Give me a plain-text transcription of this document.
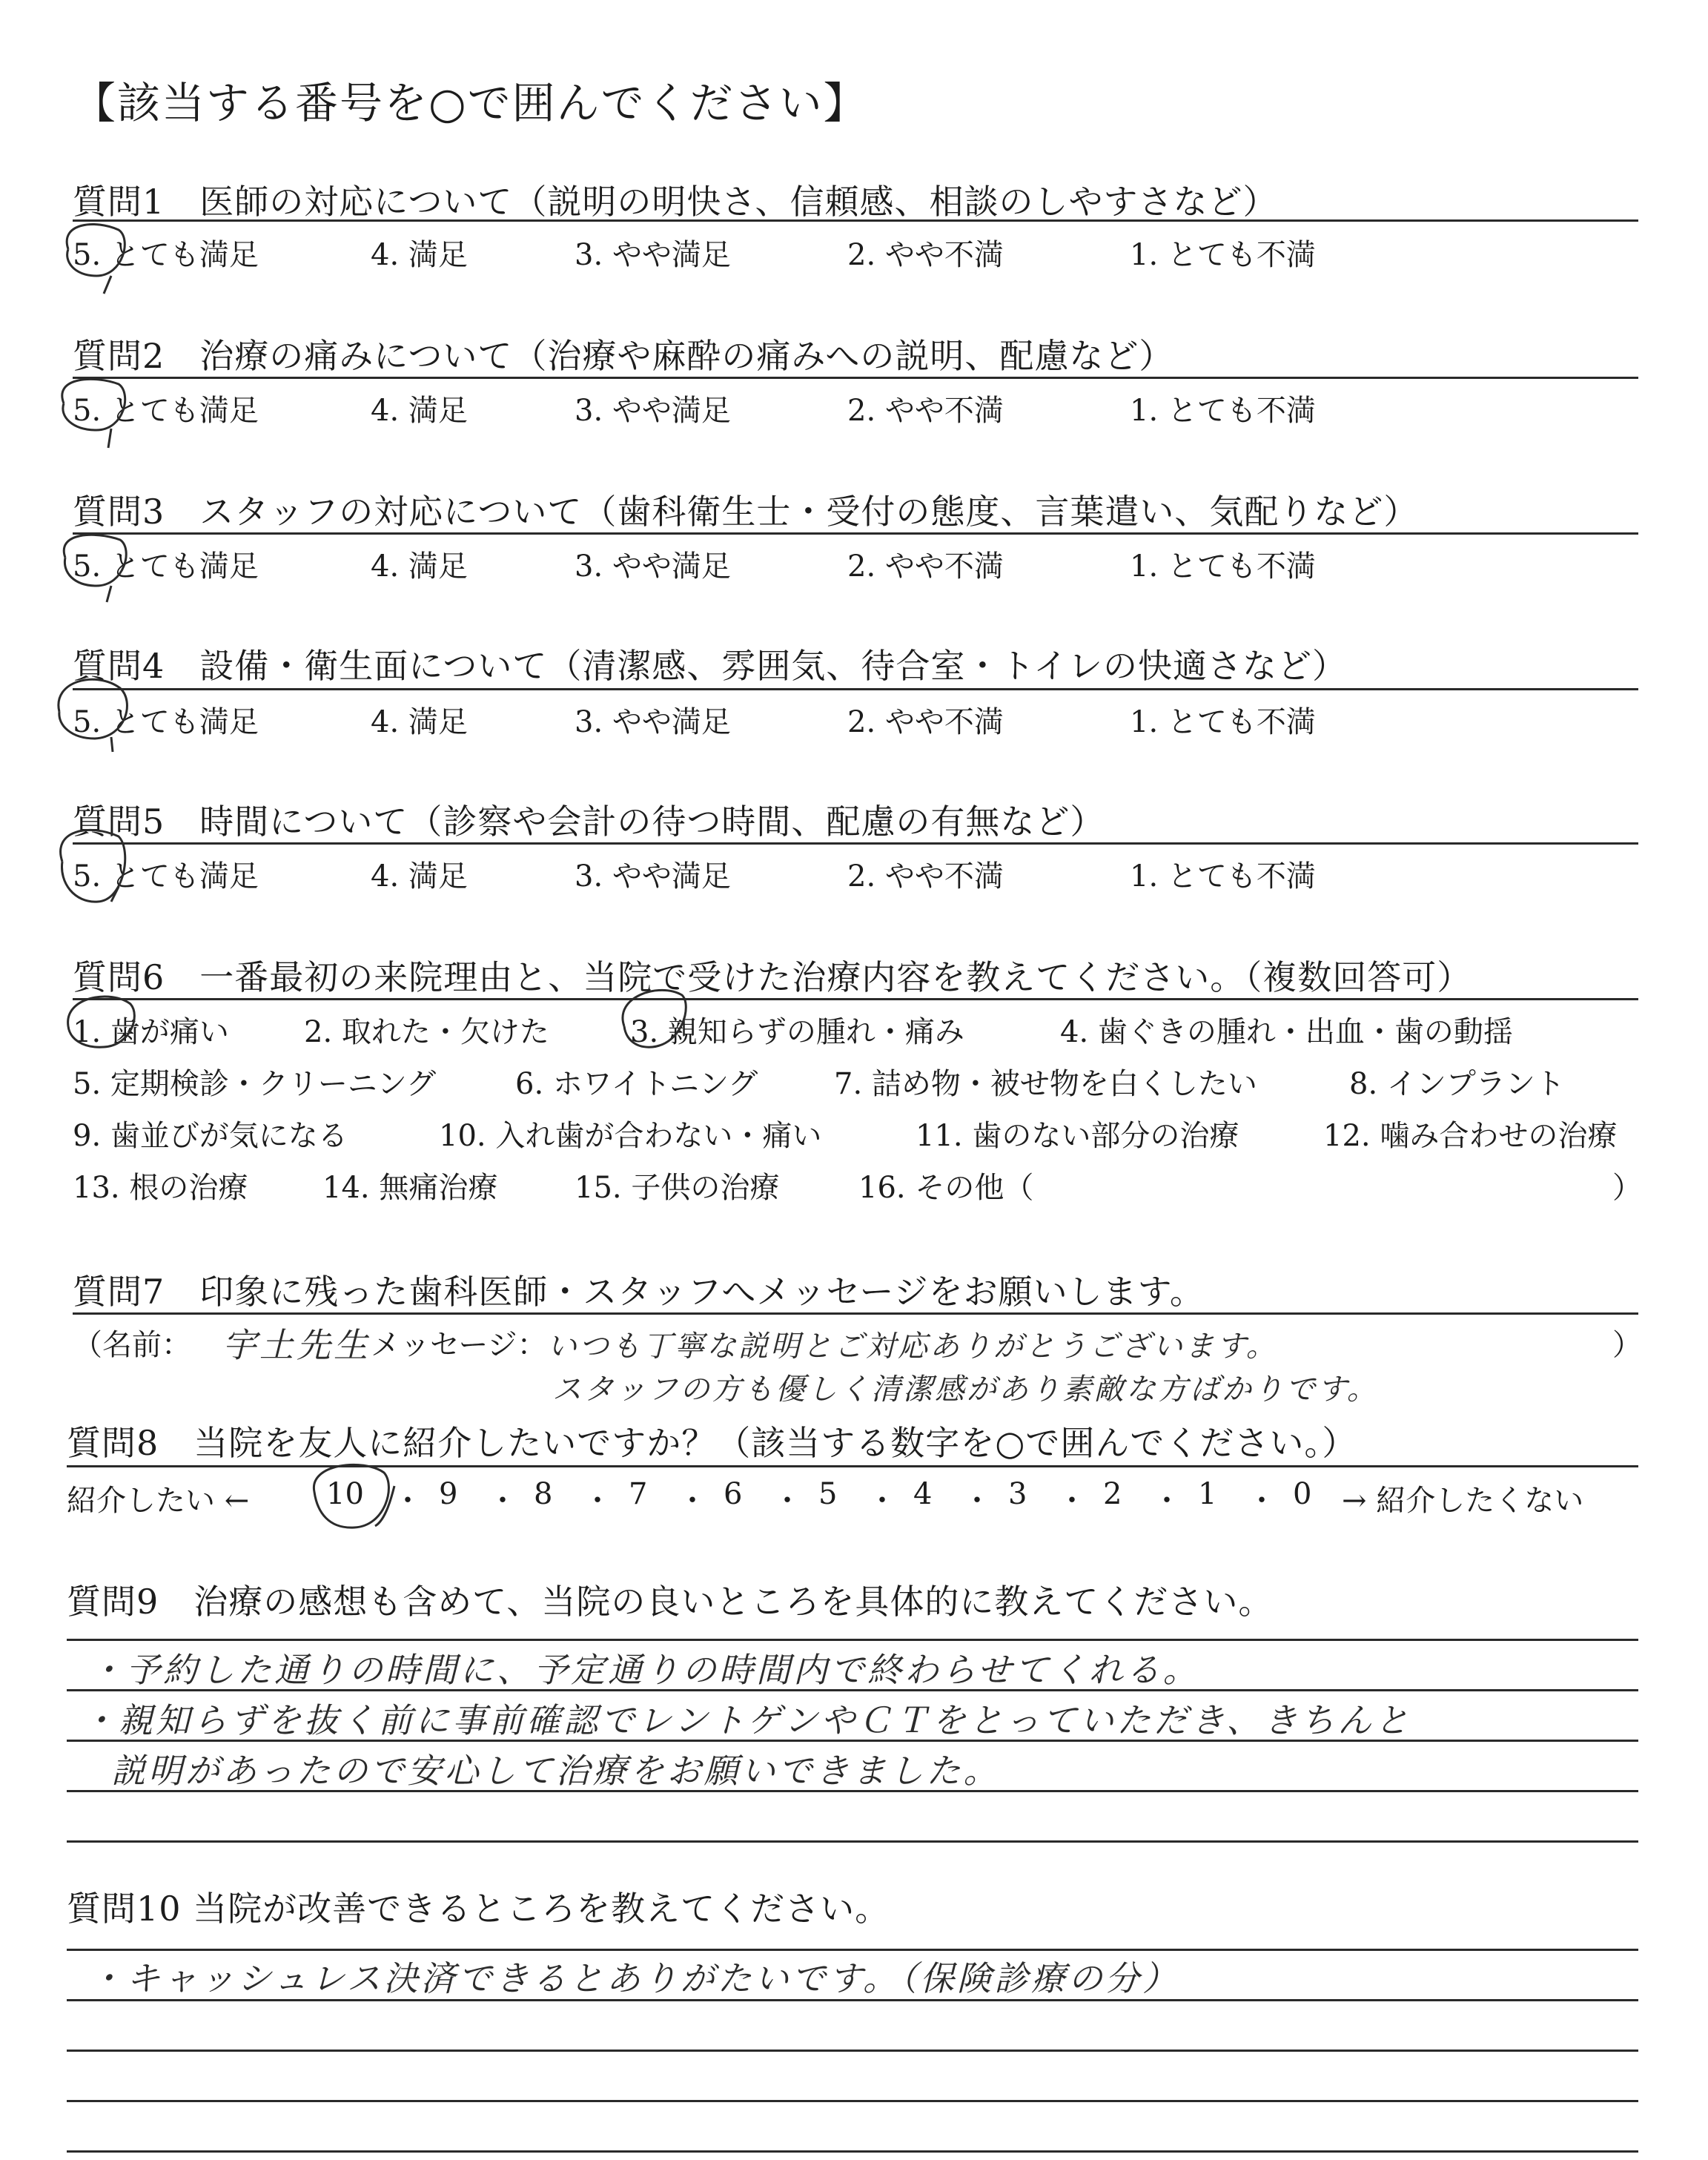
【該当する番号を○で囲んでください】
質問1　医師の対応について（説明の明快さ、信頼感、相談のしやすさなど）
5. とても満足	4. 満足	3. やや満足	2. やや不満	1. とても不満
質問2　治療の痛みについて（治療や麻酔の痛みへの説明、配慮など）
5. とても満足	4. 満足	3. やや満足	2. やや不満	1. とても不満
質問3　スタッフの対応について（歯科衛生士・受付の態度、言葉遣い、気配りなど）
5. とても満足	4. 満足	3. やや満足	2. やや不満	1. とても不満
質問4　設備・衛生面について（清潔感、雰囲気、待合室・トイレの快適さなど）
5. とても満足	4. 満足	3. やや満足	2. やや不満	1. とても不満
質問5　時間について（診察や会計の待つ時間、配慮の有無など）
5. とても満足	4. 満足	3. やや満足	2. やや不満	1. とても不満
質問6　一番最初の来院理由と、当院で受けた治療内容を教えてください。（複数回答可）
1. 歯が痛い	2. 取れた・欠けた	3. 親知らずの腫れ・痛み	4. 歯ぐきの腫れ・出血・歯の動揺
5. 定期検診・クリーニング	6. ホワイトニング	7. 詰め物・被せ物を白くしたい	8. インプラント
9. 歯並びが気になる	10. 入れ歯が合わない・痛い	11. 歯のない部分の治療	12. 噛み合わせの治療
13. 根の治療	14. 無痛治療	15. 子供の治療	16. その他（	）
質問7　印象に残った歯科医師・スタッフへメッセージをお願いします。
（名前： 宇土先生 メッセージ： いつも丁寧な説明とご対応ありがとうございます。
スタッフの方も優しく清潔感があり素敵な方ばかりです。
）
質問8　当院を友人に紹介したいですか？（該当する数字を○で囲んでください。）
紹介したい ←	10 ・ 9 ・ 8 ・ 7 ・ 6 ・ 5 ・ 4 ・ 3 ・ 2 ・ 1 ・ 0 → 紹介したくない
質問9　治療の感想も含めて、当院の良いところを具体的に教えてください。
・予約した通りの時間に、予定通りの時間内で終わらせてくれる。
・親知らずを抜く前に事前確認でレントゲンやＣＴをとっていただき、きちんと
説明があったので安心して治療をお願いできました。
質問10 当院が改善できるところを教えてください。
・キャッシュレス決済できるとありがたいです。（保険診療の分）
